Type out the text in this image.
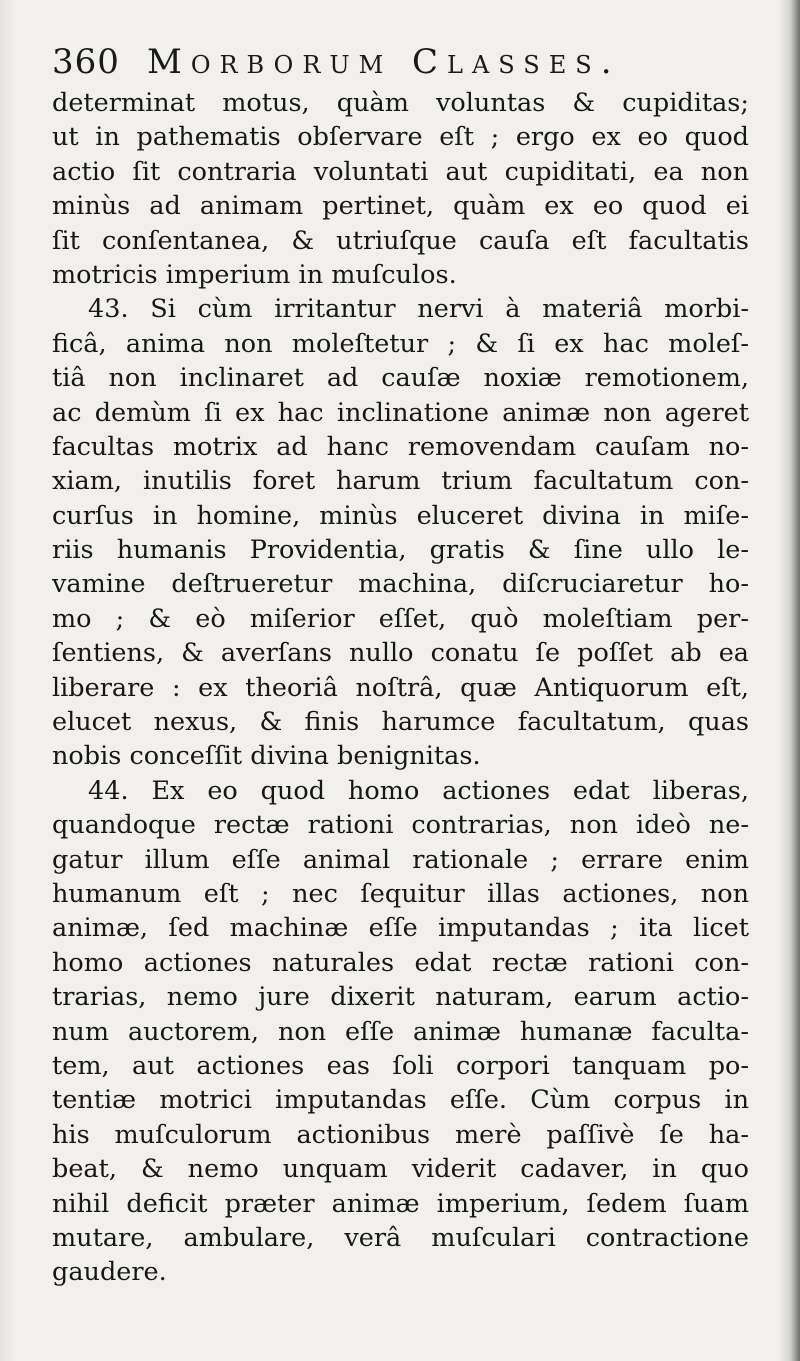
360 Morborum Classes.
determinat motus, quàm voluntas & cupiditas;
ut in pathematis obſervare eſt ; ergo ex eo quod
actio ſit contraria voluntati aut cupiditati, ea non
minùs ad animam pertinet, quàm ex eo quod ei
ſit conſentanea, & utriuſque cauſa eſt facultatis
motricis imperium in muſculos.
43. Si cùm irritantur nervi à materiâ morbi-
ficâ, anima non moleſtetur ; & ſi ex hac moleſ-
tiâ non inclinaret ad cauſæ noxiæ remotionem,
ac demùm ſi ex hac inclinatione animæ non ageret
facultas motrix ad hanc removendam cauſam no-
xiam, inutilis foret harum trium facultatum con-
curſus in homine, minùs eluceret divina in miſe-
riis humanis Providentia, gratis & ſine ullo le-
vamine deſtrueretur machina, diſcruciaretur ho-
mo ; & eò miſerior eſſet, quò moleſtiam per-
ſentiens, & averſans nullo conatu ſe poſſet ab ea
liberare : ex theoriâ noſtrâ, quæ Antiquorum eſt,
elucet nexus, & finis harumce facultatum, quas
nobis conceſſit divina benignitas.
44. Ex eo quod homo actiones edat liberas,
quandoque rectæ rationi contrarias, non ideò ne-
gatur illum eſſe animal rationale ; errare enim
humanum eſt ; nec ſequitur illas actiones, non
animæ, ſed machinæ eſſe imputandas ; ita licet
homo actiones naturales edat rectæ rationi con-
trarias, nemo jure dixerit naturam, earum actio-
num auctorem, non eſſe animæ humanæ faculta-
tem, aut actiones eas ſoli corpori tanquam po-
tentiæ motrici imputandas eſſe. Cùm corpus in
his muſculorum actionibus merè paſſivè ſe ha-
beat, & nemo unquam viderit cadaver, in quo
nihil deficit præter animæ imperium, ſedem ſuam
mutare, ambulare, verâ muſculari contractione
gaudere.
